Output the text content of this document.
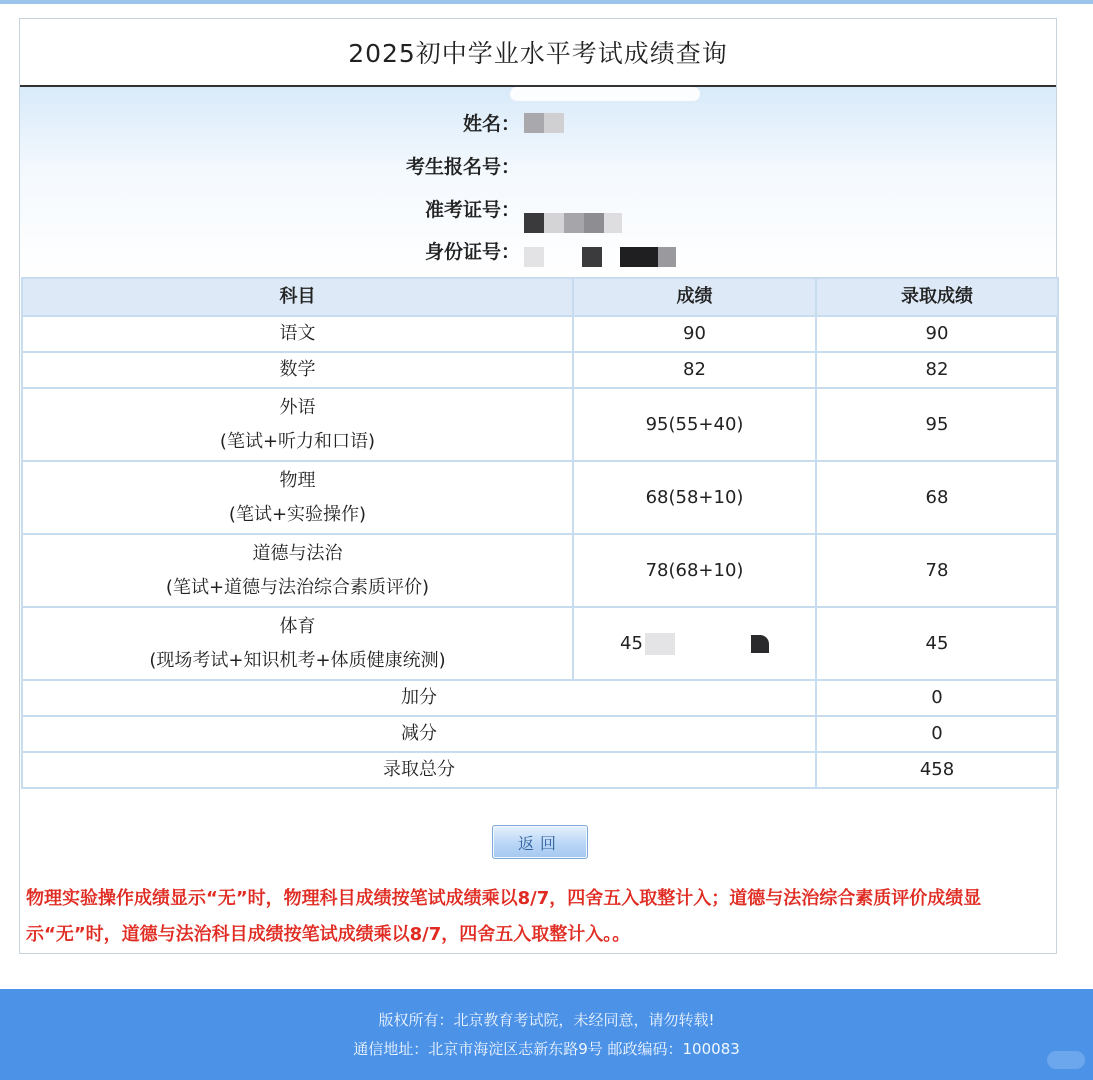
2025初中学业水平考试成绩查询
姓名：
考生报名号：
准考证号：
身份证号：
科目	成绩	录取成绩
语文	90	90
数学	82	82

外语
(笔试+听力和口语)	95(55+40)	95

物理
(笔试+实验操作)	68(58+10)	68

道德与法治
(笔试+道德与法治综合素质评价)	78(68+10)	78

体育
(现场考试+知识机考+体质健康统测)	45	45
加分		0
减分		0
录取总分		458
返回
物理实验操作成绩显示“无”时，物理科目成绩按笔试成绩乘以8/7，四舍五入取整计入；道德与法治综合素质评价成绩显示“无”时，道德与法治科目成绩按笔试成绩乘以8/7，四舍五入取整计入。。
版权所有：北京教育考试院，未经同意，请勿转载!
通信地址：北京市海淀区志新东路9号 邮政编码：100083
